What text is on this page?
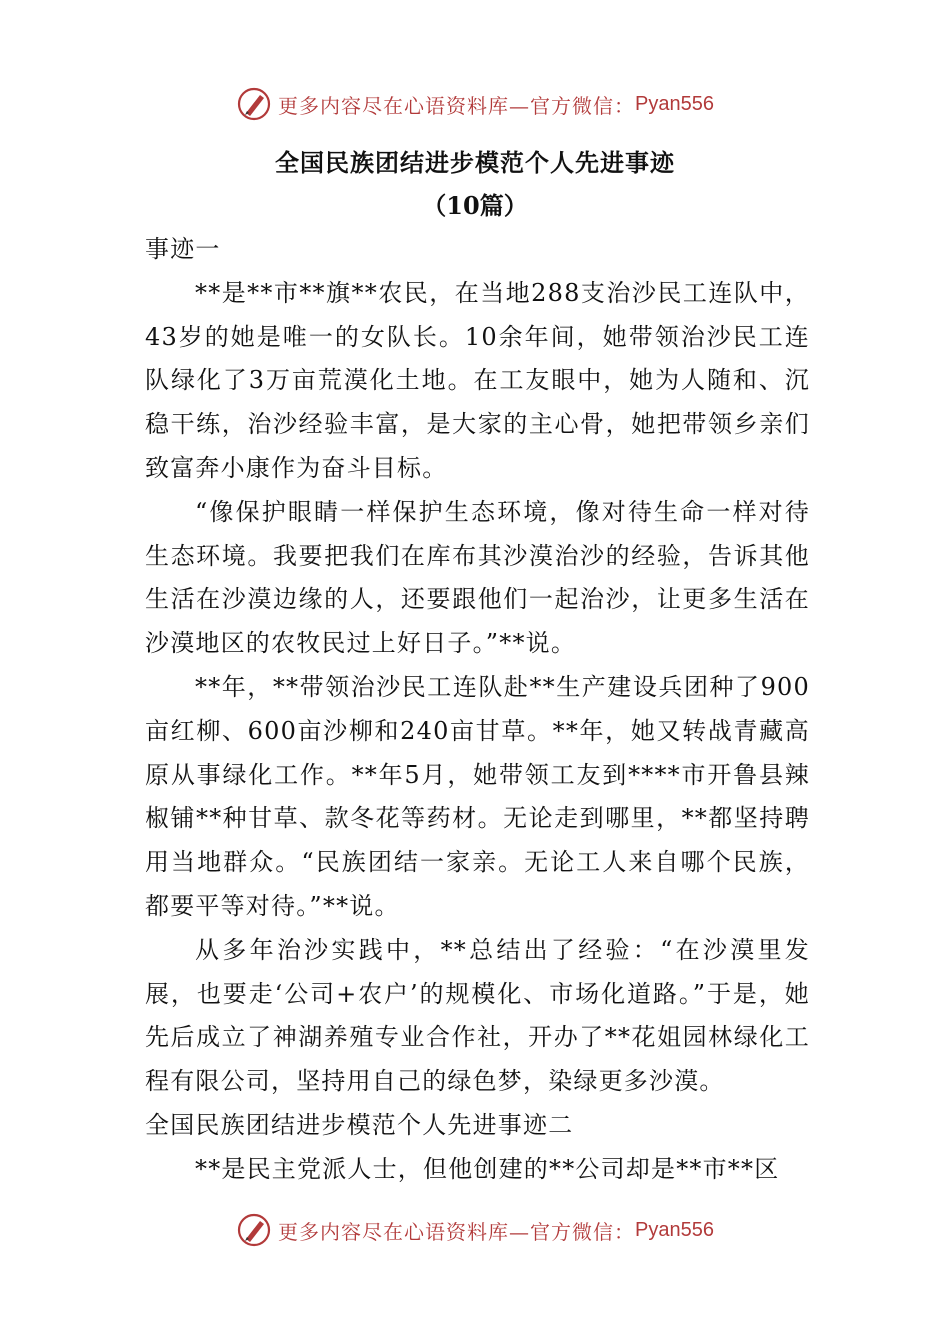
更多内容尽在心语资料库—官方微信： Pyan556
全国民族团结进步模范个人先进事迹
（10篇）

事迹一

**是**市**旗**农民，在当地288支治沙民工连队中，43岁的她是唯一的女队长。10余年间，她带领治沙民工连队绿化了3万亩荒漠化土地。在工友眼中，她为人随和、沉稳干练，治沙经验丰富，是大家的主心骨，她把带领乡亲们致富奔小康作为奋斗目标。

“像保护眼睛一样保护生态环境，像对待生命一样对待生态环境。我要把我们在库布其沙漠治沙的经验，告诉其他生活在沙漠边缘的人，还要跟他们一起治沙，让更多生活在沙漠地区的农牧民过上好日子。”**说。

**年，**带领治沙民工连队赴**生产建设兵团种了900亩红柳、600亩沙柳和240亩甘草。**年，她又转战青藏高原从事绿化工作。**年5月，她带领工友到****市开鲁县辣椒铺**种甘草、款冬花等药材。无论走到哪里，**都坚持聘用当地群众。“民族团结一家亲。无论工人来自哪个民族，都要平等对待。”**说。

从多年治沙实践中，**总结出了经验：“在沙漠里发展，也要走‘公司+农户’的规模化、市场化道路。”于是，她先后成立了神湖养殖专业合作社，开办了**花姐园林绿化工程有限公司，坚持用自己的绿色梦，染绿更多沙漠。

全国民族团结进步模范个人先进事迹二

**是民主党派人士，但他创建的**公司却是**市**区

更多内容尽在心语资料库—官方微信： Pyan556
